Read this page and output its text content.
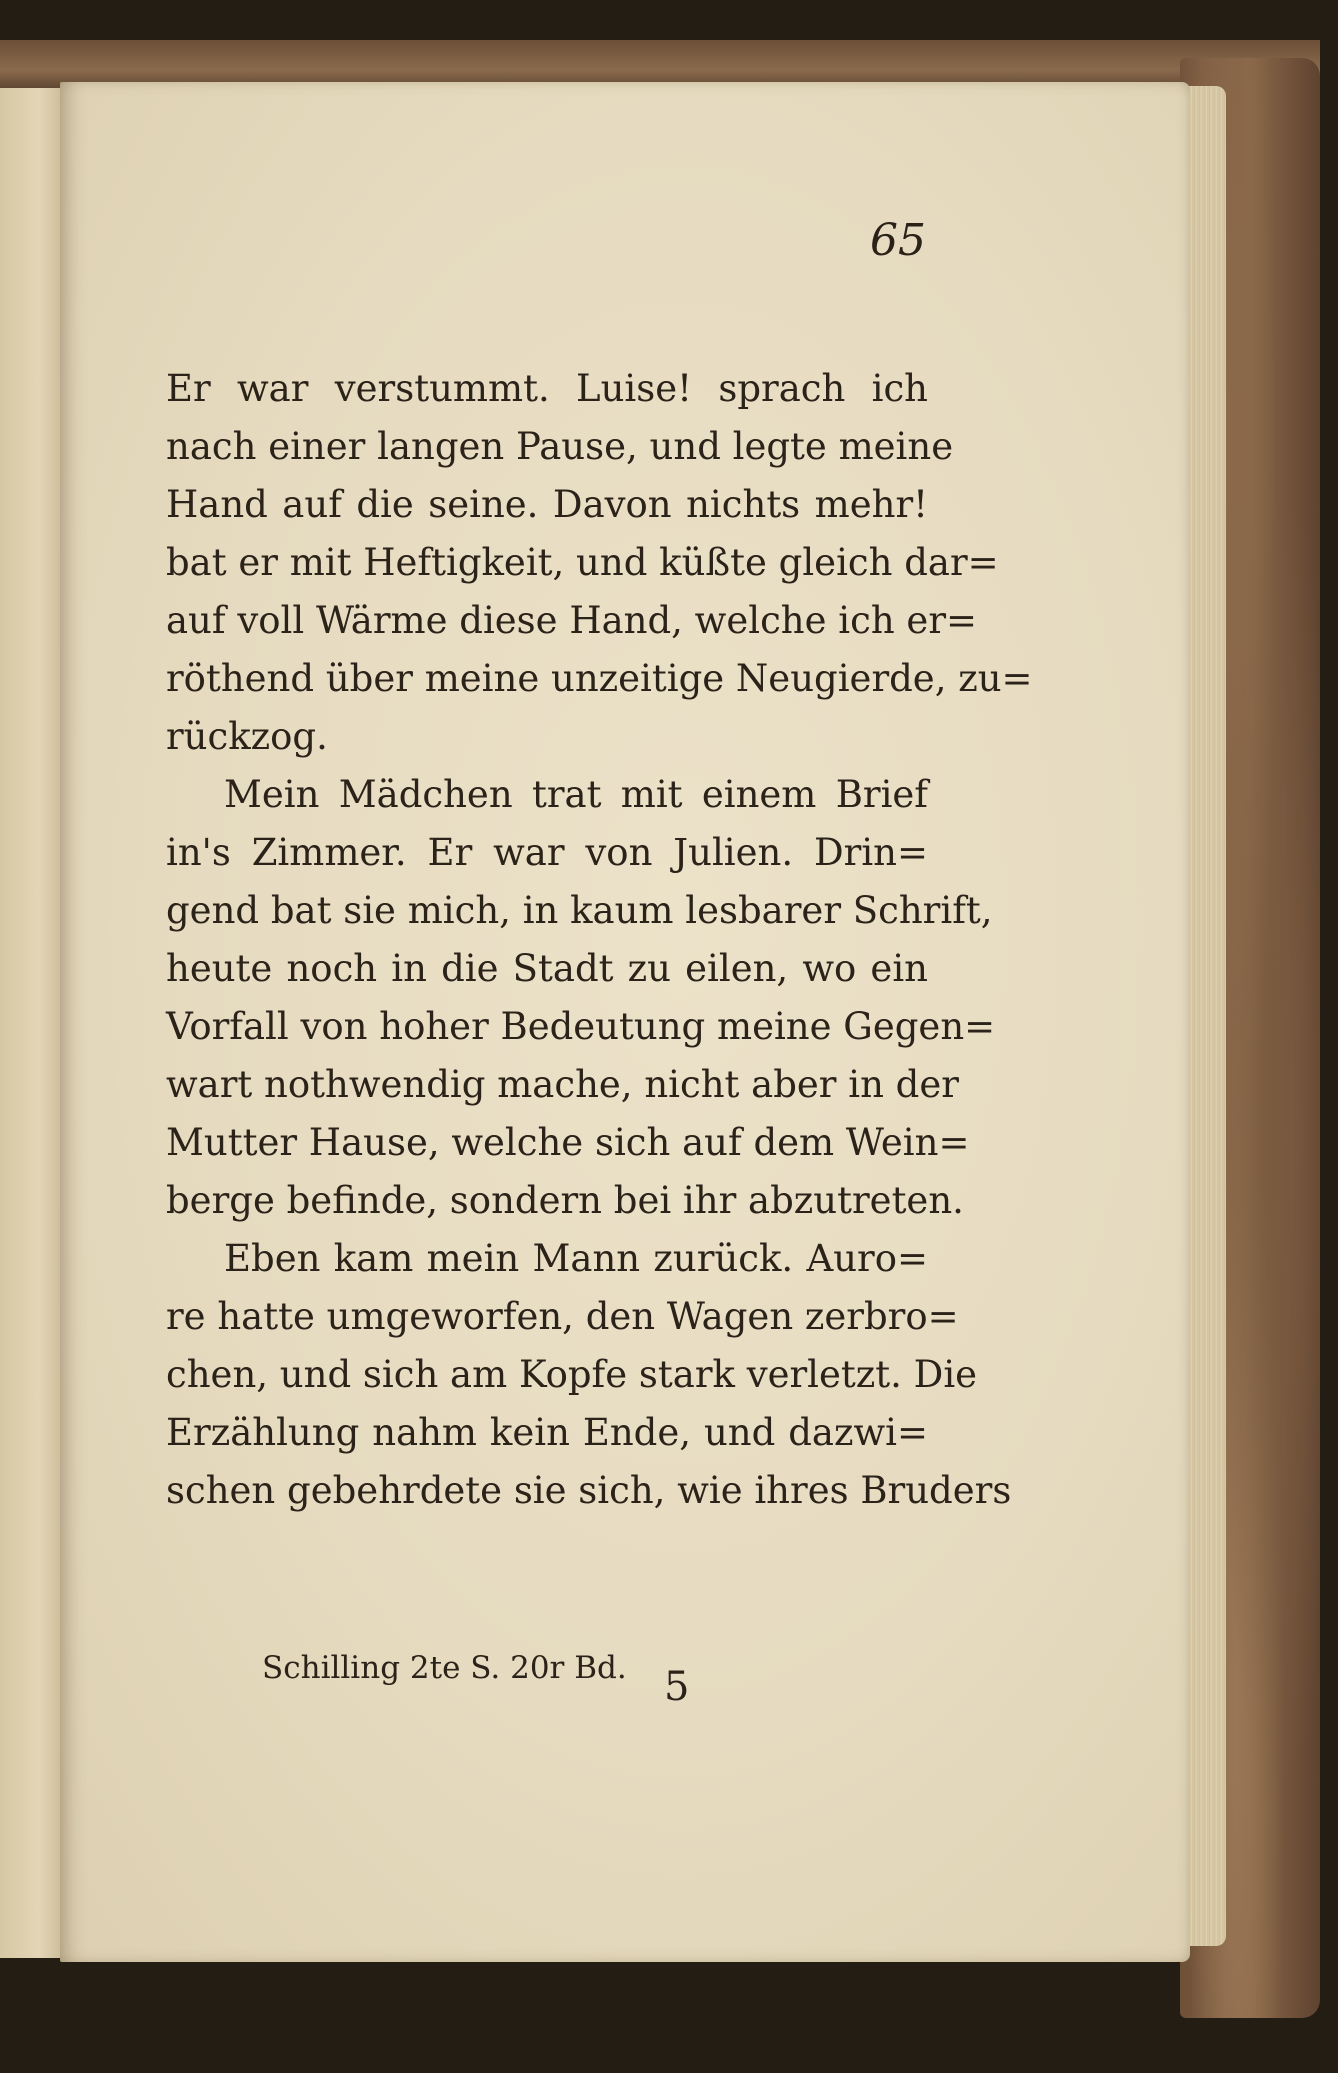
65

Er war verstummt. Luise! sprach ich
nach einer langen Pause, und legte meine
Hand auf die seine. Davon nichts mehr!
bat er mit Heftigkeit, und küßte gleich dar=
auf voll Wärme diese Hand, welche ich er=
röthend über meine unzeitige Neugierde, zu=
rückzog.
Mein Mädchen trat mit einem Brief
in's Zimmer. Er war von Julien. Drin=
gend bat sie mich, in kaum lesbarer Schrift,
heute noch in die Stadt zu eilen, wo ein
Vorfall von hoher Bedeutung meine Gegen=
wart nothwendig mache, nicht aber in der
Mutter Hause, welche sich auf dem Wein=
berge befinde, sondern bei ihr abzutreten.
Eben kam mein Mann zurück. Auro=
re hatte umgeworfen, den Wagen zerbro=
chen, und sich am Kopfe stark verletzt. Die
Erzählung nahm kein Ende, und dazwi=
schen gebehrdete sie sich, wie ihres Bruders

Schilling 2te S. 20r Bd. 5
